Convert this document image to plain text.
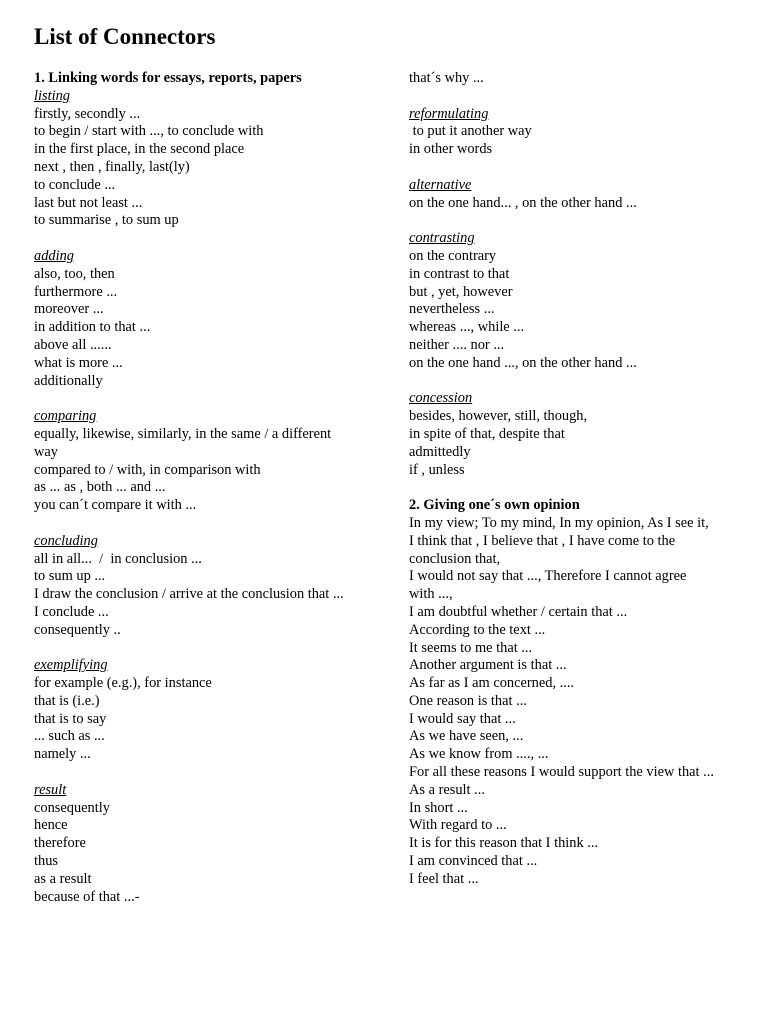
List of Connectors
1. Linking words for essays, reports, papers
listing
firstly, secondly ...
to begin / start with ..., to conclude with
in the first place, in the second place
next , then , finally, last(ly)
to conclude ...
last but not least ...
to summarise , to sum up
adding
also, too, then
furthermore ...
moreover ...
in addition to that ...
above all ......
what is more ...
additionally
comparing
equally, likewise, similarly, in the same / a different
way
compared to / with, in comparison with
as ... as , both ... and ...
you can´t compare it with ...
concluding
all in all...  /  in conclusion ...
to sum up ...
I draw the conclusion / arrive at the conclusion that ...
I conclude ...
consequently ..
exemplifying
for example (e.g.), for instance
that is (i.e.)
that is to say
... such as ...
namely ...
result
consequently
hence
therefore
thus
as a result
because of that ...-
that´s why ...
reformulating
to put it another way
in other words
alternative
on the one hand... , on the other hand ...
contrasting
on the contrary
in contrast to that
but , yet, however
nevertheless ...
whereas ..., while ...
neither .... nor ...
on the one hand ..., on the other hand ...
concession
besides, however, still, though,
in spite of that, despite that
admittedly
if , unless
2. Giving one´s own opinion
In my view; To my mind, In my opinion, As I see it,
I think that , I believe that , I have come to the
conclusion that,
I would not say that ..., Therefore I cannot agree
with ...,
I am doubtful whether / certain that ...
According to the text ...
It seems to me that ...
Another argument is that ...
As far as I am concerned, ....
One reason is that ...
I would say that ...
As we have seen, ...
As we know from ...., ...
For all these reasons I would support the view that ...
As a result ...
In short ...
With regard to ...
It is for this reason that I think ...
I am convinced that ...
I feel that ...
